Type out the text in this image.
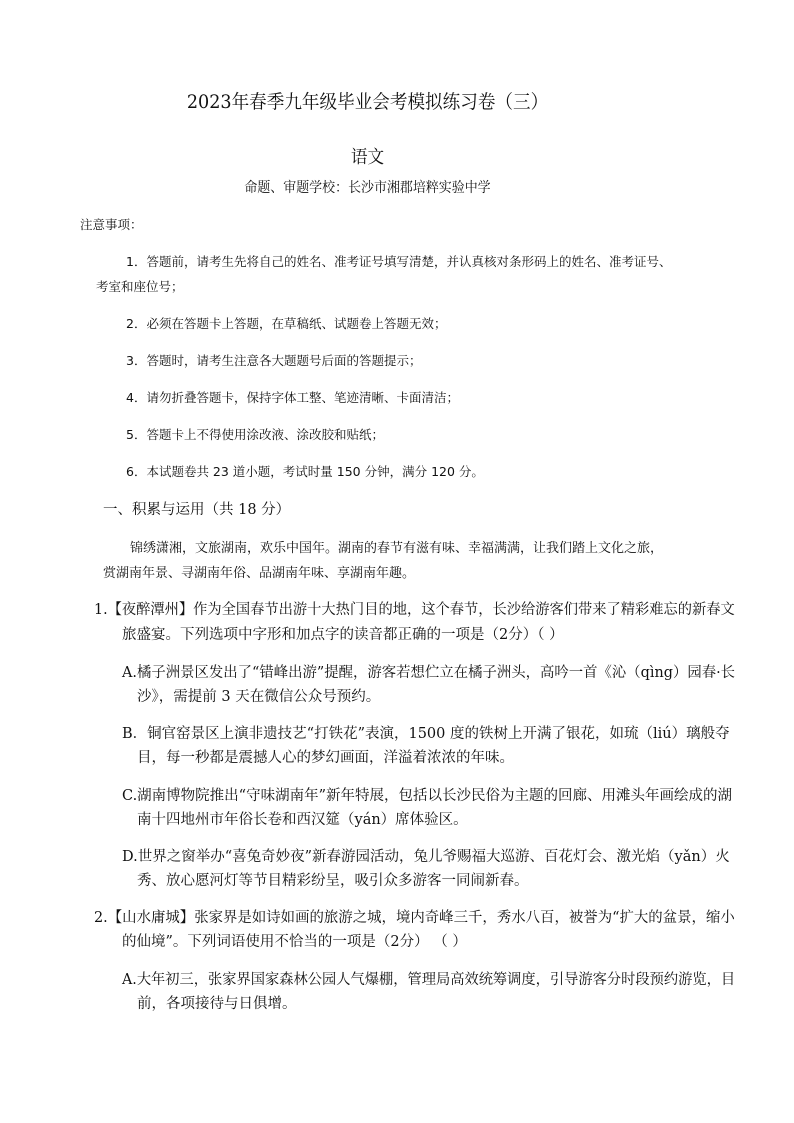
2023年春季九年级毕业会考模拟练习卷（三）
语文
命题、审题学校：长沙市湘郡培粹实验中学
注意事项：
1．答题前，请考生先将自己的姓名、准考证号填写清楚，并认真核对条形码上的姓名、准考证号、
考室和座位号；
2．必须在答题卡上答题，在草稿纸、试题卷上答题无效；
3．答题时，请考生注意各大题题号后面的答题提示；
4．请勿折叠答题卡，保持字体工整、笔迹清晰、卡面清洁；
5．答题卡上不得使用涂改液、涂改胶和贴纸；
6．本试题卷共 23 道小题，考试时量 150 分钟，满分 120 分。
一、积累与运用（共 18 分）
锦绣潇湘，文旅湖南，欢乐中国年。湖南的春节有滋有味、幸福满满，让我们踏上文化之旅，
赏湖南年景、寻湖南年俗、品湖南年味、享湖南年趣。
1.【夜醉潭州】作为全国春节出游十大热门目的地，这个春节，长沙给游客们带来了精彩难忘的新春文
旅盛宴。下列选项中字形和加点字的读音都正确的一项是（2分）（ ）
A.橘子洲景区发出了“错峰出游”提醒，游客若想伫立在橘子洲头，高吟一首《沁（qìng）园春·长
沙》，需提前 3 天在微信公众号预约。
B．铜官窑景区上演非遗技艺“打铁花”表演，1500 度的铁树上开满了银花，如琉（liú）璃般夺
目，每一秒都是震撼人心的梦幻画面，洋溢着浓浓的年味。
C.湖南博物院推出“守味湖南年”新年特展，包括以长沙民俗为主题的回廊、用滩头年画绘成的湖
南十四地州市年俗长卷和西汉筵（yán）席体验区。
D.世界之窗举办“喜兔奇妙夜”新春游园活动，兔儿爷赐福大巡游、百花灯会、激光焰（yǎn）火
秀、放心愿河灯等节目精彩纷呈，吸引众多游客一同闹新春。
2.【山水庸城】张家界是如诗如画的旅游之城，境内奇峰三千，秀水八百，被誉为“扩大的盆景，缩小
的仙境”。下列词语使用不恰当的一项是（2分） （ ）
A.大年初三，张家界国家森林公园人气爆棚，管理局高效统筹调度，引导游客分时段预约游览，目
前，各项接待与日俱增。
